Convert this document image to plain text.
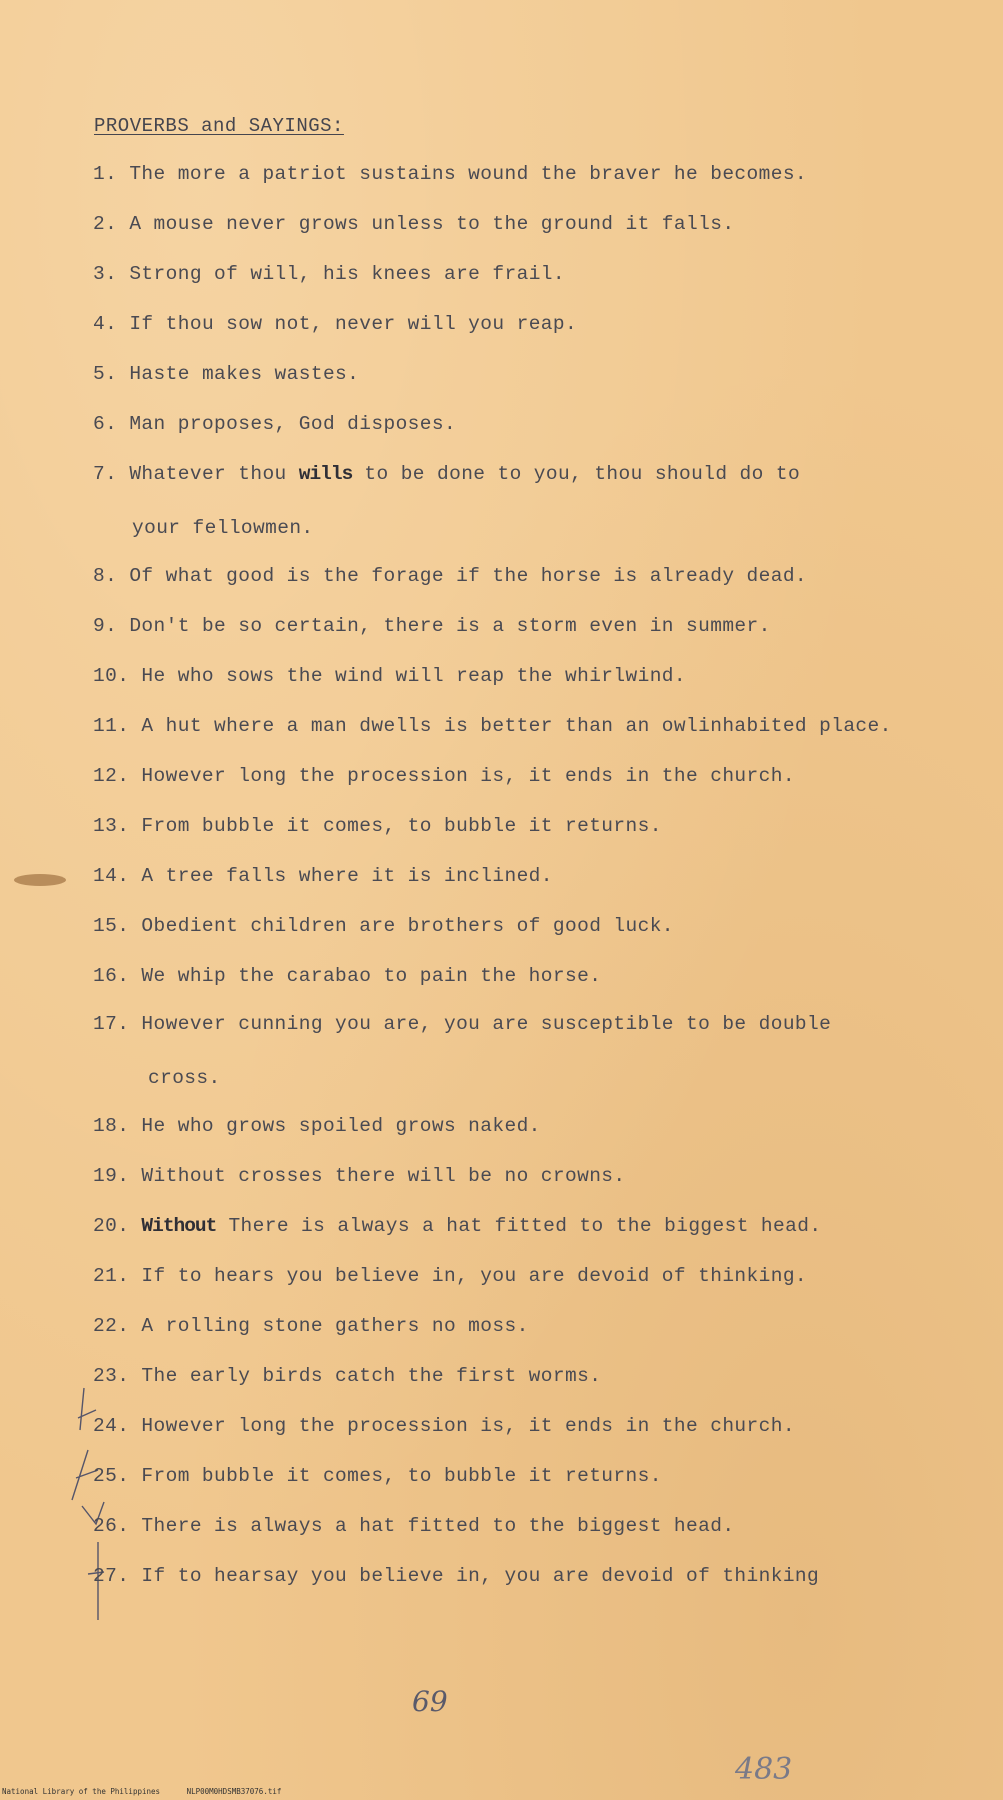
PROVERBS and SAYINGS:
1. The more a patriot sustains wound the braver he becomes.
2. A mouse never grows unless to the ground it falls.
3. Strong of will, his knees are frail.
4. If thou sow not, never will you reap.
5. Haste makes wastes.
6. Man proposes, God disposes.
7. Whatever thou wills to be done to you, thou should do to
your fellowmen.
8. Of what good is the forage if the horse is already dead.
9. Don't be so certain, there is a storm even in summer.
10. He who sows the wind will reap the whirlwind.
11. A hut where a man dwells is better than an owlinhabited place.
12. However long the procession is, it ends in the church.
13. From bubble it comes, to bubble it returns.
14. A tree falls where it is inclined.
15. Obedient children are brothers of good luck.
16. We whip the carabao to pain the horse.
17. However cunning you are, you are susceptible to be double
cross.
18. He who grows spoiled grows naked.
19. Without crosses there will be no crowns.
20. Without There is always a hat fitted to the biggest head.
21. If to hears you believe in, you are devoid of thinking.
22. A rolling stone gathers no moss.
23. The early birds catch the first worms.
24. However long the procession is, it ends in the church.
25. From bubble it comes, to bubble it returns.
26. There is always a hat fitted to the biggest head.
27. If to hearsay you believe in, you are devoid of thinking
69
483
National Library of the Philippines	NLP00M0HDSMB37076.tif
